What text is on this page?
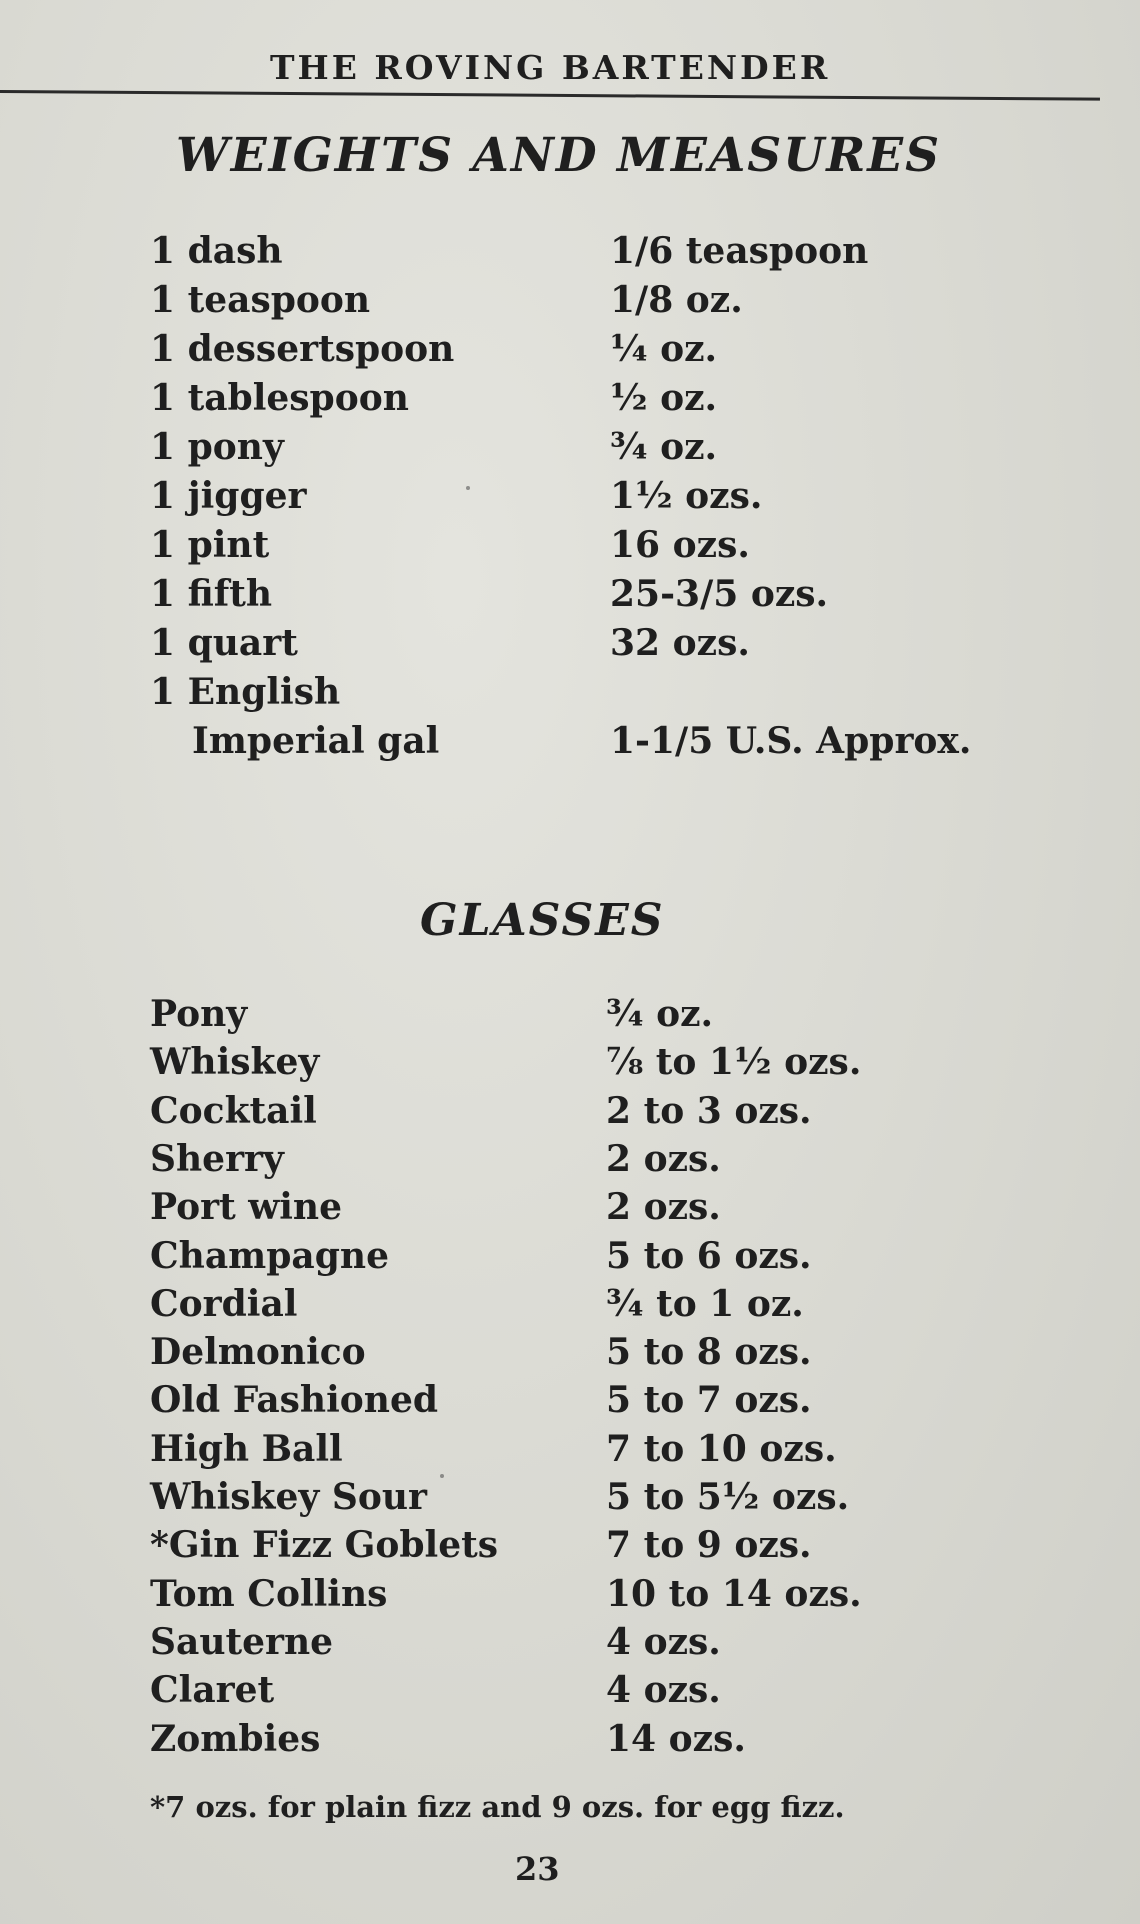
THE ROVING BARTENDER
WEIGHTS AND MEASURES
1 dash	1/6 teaspoon
1 teaspoon	1/8 oz.
1 dessertspoon	¼ oz.
1 tablespoon	½ oz.
1 pony	¾ oz.
1 jigger	1½ ozs.
1 pint	16 ozs.
1 fifth	25-3/5 ozs.
1 quart	32 ozs.
1 English
Imperial gal	1-1/5 U.S. Approx.
GLASSES
Pony	¾ oz.
Whiskey	⅞ to 1½ ozs.
Cocktail	2 to 3 ozs.
Sherry	2 ozs.
Port wine	2 ozs.
Champagne	5 to 6 ozs.
Cordial	¾ to 1 oz.
Delmonico	5 to 8 ozs.
Old Fashioned	5 to 7 ozs.
High Ball	7 to 10 ozs.
Whiskey Sour	5 to 5½ ozs.
*Gin Fizz Goblets	7 to 9 ozs.
Tom Collins	10 to 14 ozs.
Sauterne	4 ozs.
Claret	4 ozs.
Zombies	14 ozs.
*7 ozs. for plain fizz and 9 ozs. for egg fizz.
23
